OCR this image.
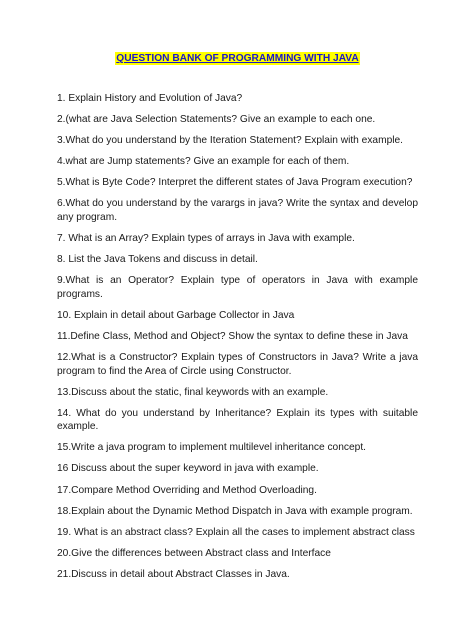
QUESTION BANK OF PROGRAMMING WITH JAVA
1. Explain History and Evolution of Java?
2.(what are Java Selection Statements? Give an example to each one.
3.What do you understand by the Iteration Statement? Explain with example.
4.what are Jump statements? Give an example for each of them.
5.What is Byte Code? Interpret the different states of Java Program execution?
6.What do you understand by the varargs in java? Write the syntax and develop any program.
7. What is an Array? Explain types of arrays in Java with example.
8. List the Java Tokens and discuss in detail.
9.What is an Operator? Explain type of operators in Java with example programs.
10. Explain in detail about Garbage Collector in Java
11.Define Class, Method and Object? Show the syntax to define these in Java
12.What is a Constructor? Explain types of Constructors in Java? Write a java program to find the Area of Circle using Constructor.
13.Discuss about the static, final keywords with an example.
14. What do you understand by Inheritance? Explain its types with suitable example.
15.Write a java program to implement multilevel inheritance concept.
16 Discuss about the super keyword in java with example.
17.Compare Method Overriding and Method Overloading.
18.Explain about the Dynamic Method Dispatch in Java with example program.
19. What is an abstract class? Explain all the cases to implement abstract class
20.Give the differences between Abstract class and Interface
21.Discuss in detail about Abstract Classes in Java.
